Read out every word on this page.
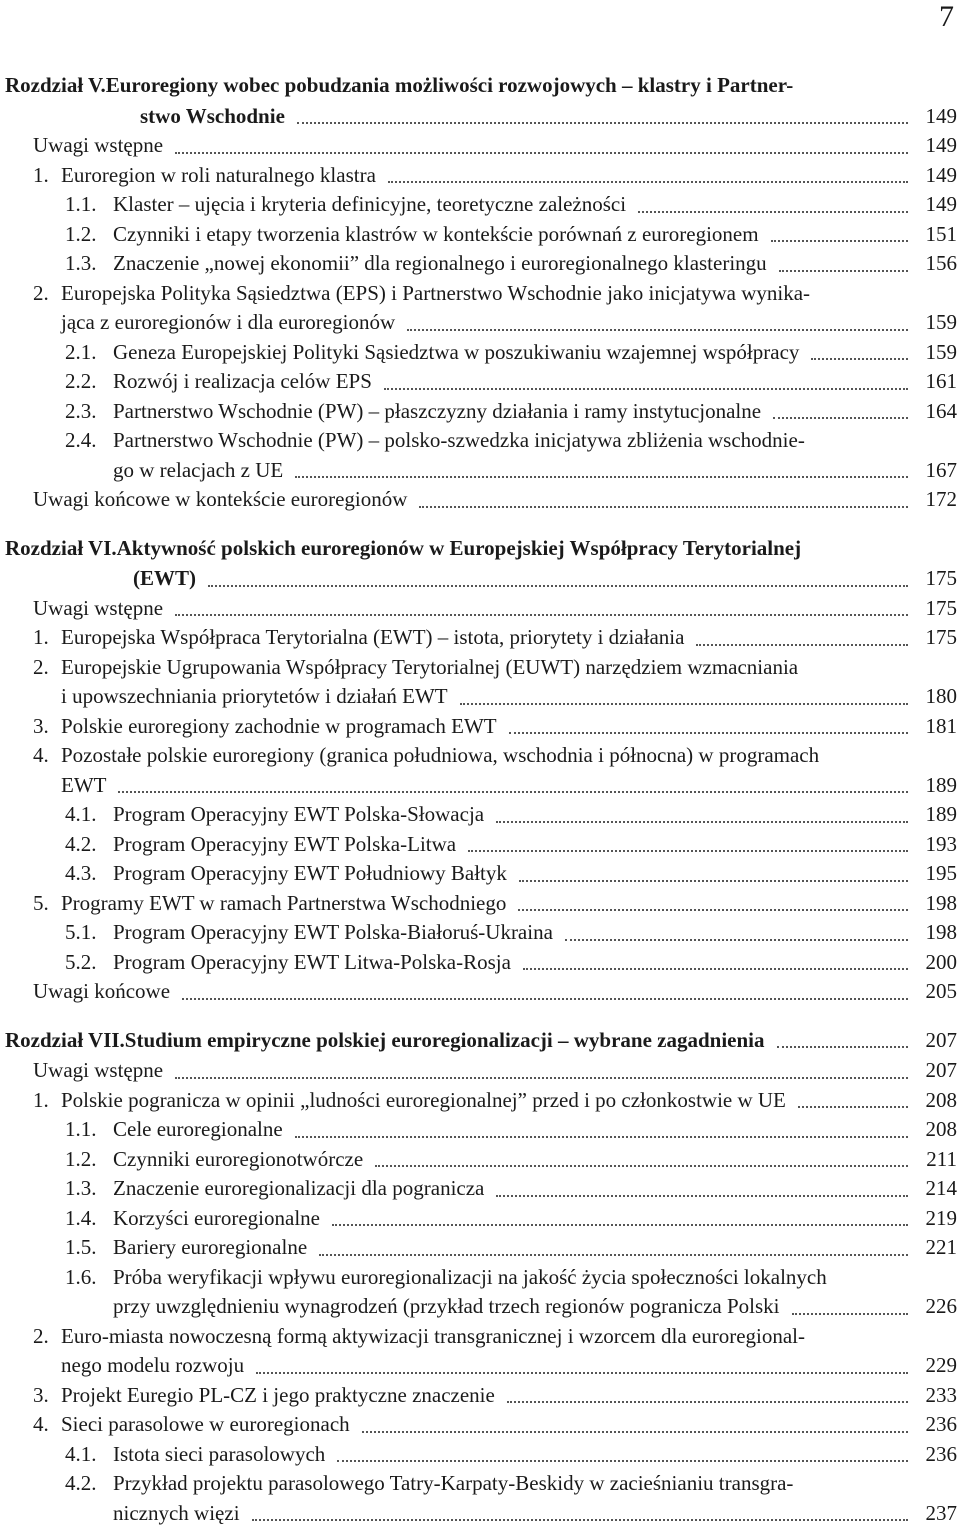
7
Rozdział V. Euroregiony wobec pobudzania możliwości rozwojowych – klastry i Partner-
stwo Wschodnie	149
Uwagi wstępne	149
1. Euroregion w roli naturalnego klastra	149
1.1. Klaster – ujęcia i kryteria definicyjne, teoretyczne zależności	149
1.2. Czynniki i etapy tworzenia klastrów w kontekście porównań z euroregionem	151
1.3. Znaczenie „nowej ekonomii” dla regionalnego i euroregionalnego klasteringu	156
2. Europejska Polityka Sąsiedztwa (EPS) i Partnerstwo Wschodnie jako inicjatywa wynika-
jąca z euroregionów i dla euroregionów	159
2.1. Geneza Europejskiej Polityki Sąsiedztwa w poszukiwaniu wzajemnej współpracy	159
2.2. Rozwój i realizacja celów EPS	161
2.3. Partnerstwo Wschodnie (PW) – płaszczyzny działania i ramy instytucjonalne	164
2.4. Partnerstwo Wschodnie (PW) – polsko-szwedzka inicjatywa zbliżenia wschodnie-
go w relacjach z UE	167
Uwagi końcowe w kontekście euroregionów	172
Rozdział VI. Aktywność polskich euroregionów w Europejskiej Współpracy Terytorialnej
(EWT)	175
Uwagi wstępne	175
1. Europejska Współpraca Terytorialna (EWT) – istota, priorytety i działania	175
2. Europejskie Ugrupowania Współpracy Terytorialnej (EUWT) narzędziem wzmacniania
i upowszechniania priorytetów i działań EWT	180
3. Polskie euroregiony zachodnie w programach EWT	181
4. Pozostałe polskie euroregiony (granica południowa, wschodnia i północna) w programach
EWT	189
4.1. Program Operacyjny EWT Polska-Słowacja	189
4.2. Program Operacyjny EWT Polska-Litwa	193
4.3. Program Operacyjny EWT Południowy Bałtyk	195
5. Programy EWT w ramach Partnerstwa Wschodniego	198
5.1. Program Operacyjny EWT Polska-Białoruś-Ukraina	198
5.2. Program Operacyjny EWT Litwa-Polska-Rosja	200
Uwagi końcowe	205
Rozdział VII. Studium empiryczne polskiej euroregionalizacji – wybrane zagadnienia	207
Uwagi wstępne	207
1. Polskie pogranicza w opinii „ludności euroregionalnej” przed i po członkostwie w UE	208
1.1. Cele euroregionalne	208
1.2. Czynniki euroregionotwórcze	211
1.3. Znaczenie euroregionalizacji dla pogranicza	214
1.4. Korzyści euroregionalne	219
1.5. Bariery euroregionalne	221
1.6. Próba weryfikacji wpływu euroregionalizacji na jakość życia społeczności lokalnych
przy uwzględnieniu wynagrodzeń (przykład trzech regionów pogranicza Polski	226
2. Euro-miasta nowoczesną formą aktywizacji transgranicznej i wzorcem dla euroregional-
nego modelu rozwoju	229
3. Projekt Euregio PL-CZ i jego praktyczne znaczenie	233
4. Sieci parasolowe w euroregionach	236
4.1. Istota sieci parasolowych	236
4.2. Przykład projektu parasolowego Tatry-Karpaty-Beskidy w zacieśnianiu transgra-
nicznych więzi	237
